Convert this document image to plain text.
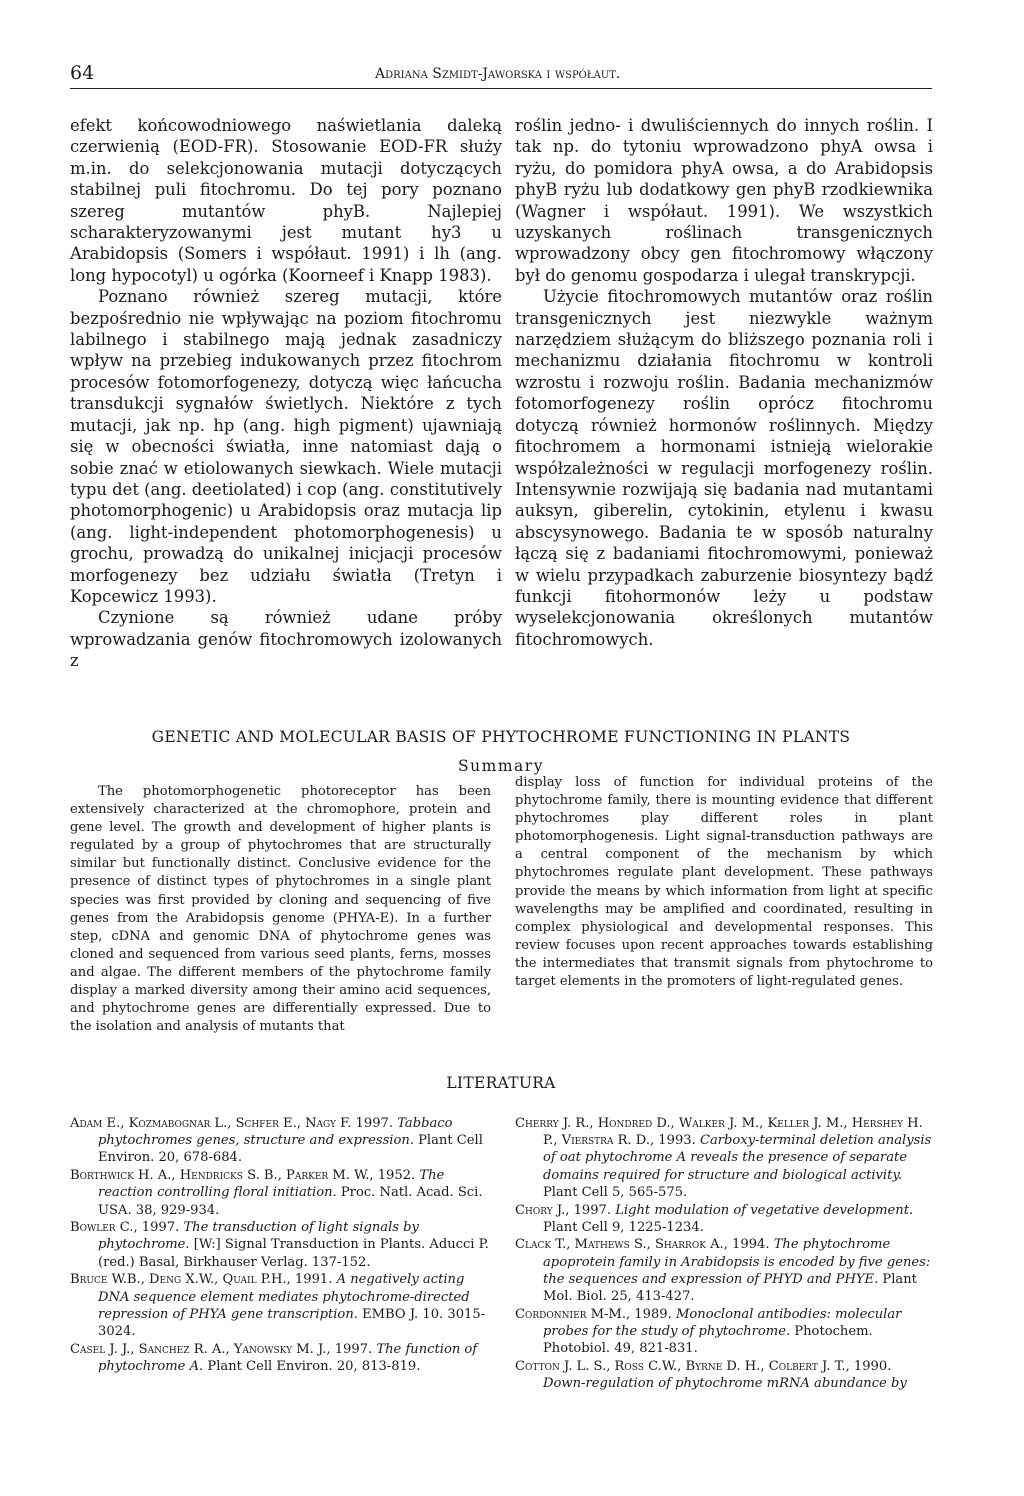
64	Adriana Szmidt-Jaworska i współaut.

efekt końcowodniowego naświetlania daleką czerwienią (EOD-FR). Stosowanie EOD-FR służy m.in. do selekcjonowania mutacji dotyczących stabilnej puli fitochromu. Do tej pory poznano szereg mutantów phyB. Najlepiej scharakteryzowanymi jest mutant hy3 u Arabidopsis (Somers i współaut. 1991) i lh (ang. long hypocotyl) u ogórka (Koorneef i Knapp 1983).

Poznano również szereg mutacji, które bezpośrednio nie wpływając na poziom fitochromu labilnego i stabilnego mają jednak zasadniczy wpływ na przebieg indukowanych przez fitochrom procesów fotomorfogenezy, dotyczą więc łańcucha transdukcji sygnałów świetlych. Niektóre z tych mutacji, jak np. hp (ang. high pigment) ujawniają się w obecności światła, inne natomiast dają o sobie znać w etiolowanych siewkach. Wiele mutacji typu det (ang. deetiolated) i cop (ang. constitutively photomorphogenic) u Arabidopsis oraz mutacja lip (ang. light-independent photomorphogenesis) u grochu, prowadzą do unikalnej inicjacji procesów morfogenezy bez udziału światła (Tretyn i Kopcewicz 1993).

Czynione są również udane próby wprowadzania genów fitochromowych izolowanych z

roślin jedno- i dwuliściennych do innych roślin. I tak np. do tytoniu wprowadzono phyA owsa i ryżu, do pomidora phyA owsa, a do Arabidopsis phyB ryżu lub dodatkowy gen phyB rzodkiewnika (Wagner i współaut. 1991). We wszystkich uzyskanych roślinach transgenicznych wprowadzony obcy gen fitochromowy włączony był do genomu gospodarza i ulegał transkrypcji.

Użycie fitochromowych mutantów oraz roślin transgenicznych jest niezwykle ważnym narzędziem służącym do bliższego poznania roli i mechanizmu działania fitochromu w kontroli wzrostu i rozwoju roślin. Badania mechanizmów fotomorfogenezy roślin oprócz fitochromu dotyczą również hormonów roślinnych. Między fitochromem a hormonami istnieją wielorakie współzależności w regulacji morfogenezy roślin. Intensywnie rozwijają się badania nad mutantami auksyn, giberelin, cytokinin, etylenu i kwasu abscysynowego. Badania te w sposób naturalny łączą się z badaniami fitochromowymi, ponieważ w wielu przypadkach zaburzenie biosyntezy bądź funkcji fitohormonów leży u podstaw wyselekcjonowania określonych mutantów fitochromowych.

GENETIC AND MOLECULAR BASIS OF PHYTOCHROME FUNCTIONING IN PLANTS
Summary

The photomorphogenetic photoreceptor has been extensively characterized at the chromophore, protein and gene level. The growth and development of higher plants is regulated by a group of phytochromes that are structurally similar but functionally distinct. Conclusive evidence for the presence of distinct types of phytochromes in a single plant species was first provided by cloning and sequencing of five genes from the Arabidopsis genome (PHYA-E). In a further step, cDNA and genomic DNA of phytochrome genes was cloned and sequenced from various seed plants, ferns, mosses and algae. The different members of the phytochrome family display a marked diversity among their amino acid sequences, and phytochrome genes are differentially expressed. Due to the isolation and analysis of mutants that

display loss of function for individual proteins of the phytochrome family, there is mounting evidence that different phytochromes play different roles in plant photomorphogenesis. Light signal-transduction pathways are a central component of the mechanism by which phytochromes regulate plant development. These pathways provide the means by which information from light at specific wavelengths may be amplified and coordinated, resulting in complex physiological and developmental responses. This review focuses upon recent approaches towards establishing the intermediates that transmit signals from phytochrome to target elements in the promoters of light-regulated genes.

LITERATURA

Adam E., Kozmabognar L., Schfer E., Nagy F. 1997. Tabbaco phytochromes genes, structure and expression. Plant Cell Environ. 20, 678-684.

Borthwick H. A., Hendricks S. B., Parker M. W., 1952. The reaction controlling floral initiation. Proc. Natl. Acad. Sci. USA. 38, 929-934.

Bowler C., 1997. The transduction of light signals by phytochrome. [W:] Signal Transduction in Plants. Aducci P. (red.) Basal, Birkhauser Verlag. 137-152.

Bruce W.B., Deng X.W., Quail P.H., 1991. A negatively acting DNA sequence element mediates phytochrome-directed repression of PHYA gene transcription. EMBO J. 10. 3015-3024.

Casel J. J., Sanchez R. A., Yanowsky M. J., 1997. The function of phytochrome A. Plant Cell Environ. 20, 813-819.

Cherry J. R., Hondred D., Walker J. M., Keller J. M., Hershey H. P., Vierstra R. D., 1993. Carboxy-terminal deletion analysis of oat phytochrome A reveals the presence of separate domains required for structure and biological activity. Plant Cell 5, 565-575.

Chory J., 1997. Light modulation of vegetative development. Plant Cell 9, 1225-1234.

Clack T., Mathews S., Sharrok A., 1994. The phytochrome apoprotein family in Arabidopsis is encoded by five genes: the sequences and expression of PHYD and PHYE. Plant Mol. Biol. 25, 413-427.

Cordonnier M-M., 1989. Monoclonal antibodies: molecular probes for the study of phytochrome. Photochem. Photobiol. 49, 821-831.

Cotton J. L. S., Ross C.W., Byrne D. H., Colbert J. T., 1990. Down-regulation of phytochrome mRNA abundance by
